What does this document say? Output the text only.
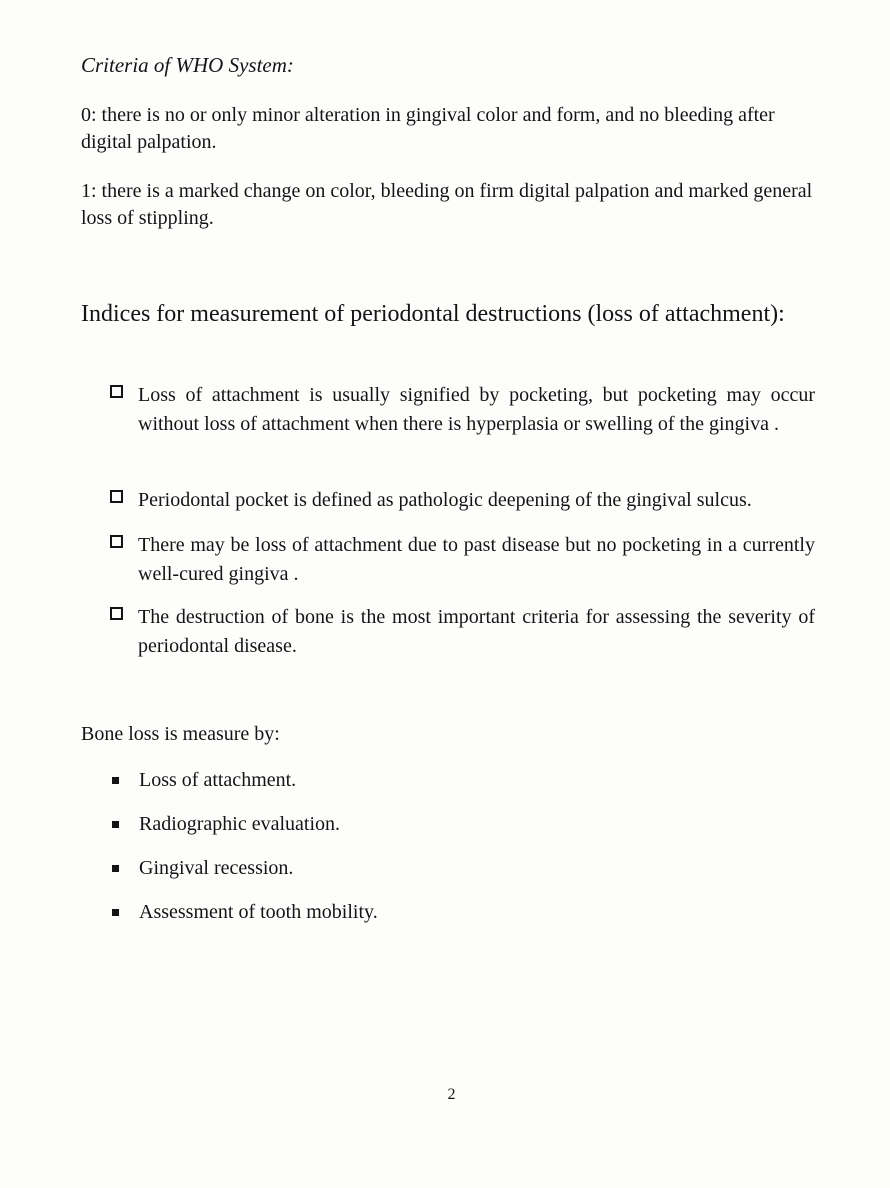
Criteria of WHO System:
0: there is no or only minor alteration in gingival color and form, and no bleeding after digital palpation.
1: there is a marked change on color, bleeding on firm digital palpation and marked general loss of stippling.
Indices for measurement of periodontal destructions (loss of attachment):
Loss of attachment is usually signified by pocketing, but pocketing may occur without loss of attachment when there is hyperplasia or swelling of the gingiva .
Periodontal pocket is defined as pathologic deepening of the gingival sulcus.
There may be loss of attachment due to past disease but no pocketing in a currently well-cured gingiva .
The destruction of bone is the most important criteria for assessing the severity of periodontal disease.
Bone loss is measure by:
Loss of attachment.
Radiographic evaluation.
Gingival recession.
Assessment of tooth mobility.
2
